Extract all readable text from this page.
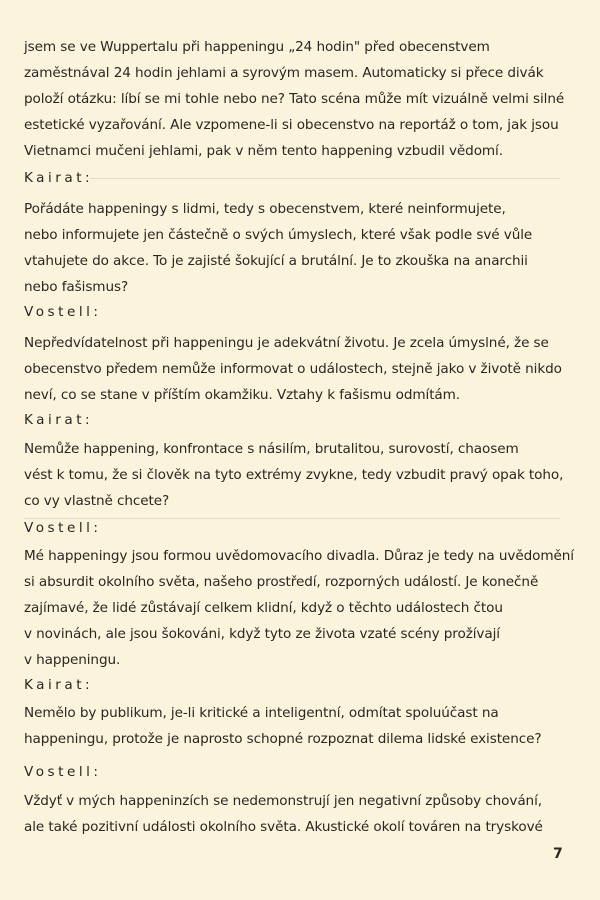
jsem se ve Wuppertalu při happeningu „24 hodin" před obecenstvem
zaměstnával 24 hodin jehlami a syrovým masem. Automaticky si přece divák
položí otázku: líbí se mi tohle nebo ne? Tato scéna může mít vizuálně velmi silné
estetické vyzařování. Ale vzpomene-li si obecenstvo na reportáž o tom, jak jsou
Vietnamci mučeni jehlami, pak v něm tento happening vzbudil vědomí.

Kairat:

Pořádáte happeningy s lidmi, tedy s obecenstvem, které neinformujete,
nebo informujete jen částečně o svých úmyslech, které však podle své vůle
vtahujete do akce. To je zajisté šokující a brutální. Je to zkouška na anarchii
nebo fašismus?

Vostell:

Nepředvídatelnost při happeningu je adekvátní životu. Je zcela úmyslné, že se
obecenstvo předem nemůže informovat o událostech, stejně jako v životě nikdo
neví, co se stane v příštím okamžiku. Vztahy k fašismu odmítám.

Kairat:

Nemůže happening, konfrontace s násilím, brutalitou, surovostí, chaosem
vést k tomu, že si člověk na tyto extrémy zvykne, tedy vzbudit pravý opak toho,
co vy vlastně chcete?

Vostell:

Mé happeningy jsou formou uvědomovacího divadla. Důraz je tedy na uvědomění
si absurdit okolního světa, našeho prostředí, rozporných událostí. Je konečně
zajímavé, že lidé zůstávají celkem klidní, když o těchto událostech čtou
v novinách, ale jsou šokováni, když tyto ze života vzaté scény prožívají
v happeningu.

Kairat:

Nemělo by publikum, je-li kritické a inteligentní, odmítat spoluúčast na
happeningu, protože je naprosto schopné rozpoznat dilema lidské existence?

Vostell:

Vždyť v mých happeninzích se nedemonstrují jen negativní způsoby chování,
ale také pozitivní události okolního světa. Akustické okolí továren na tryskové

7
